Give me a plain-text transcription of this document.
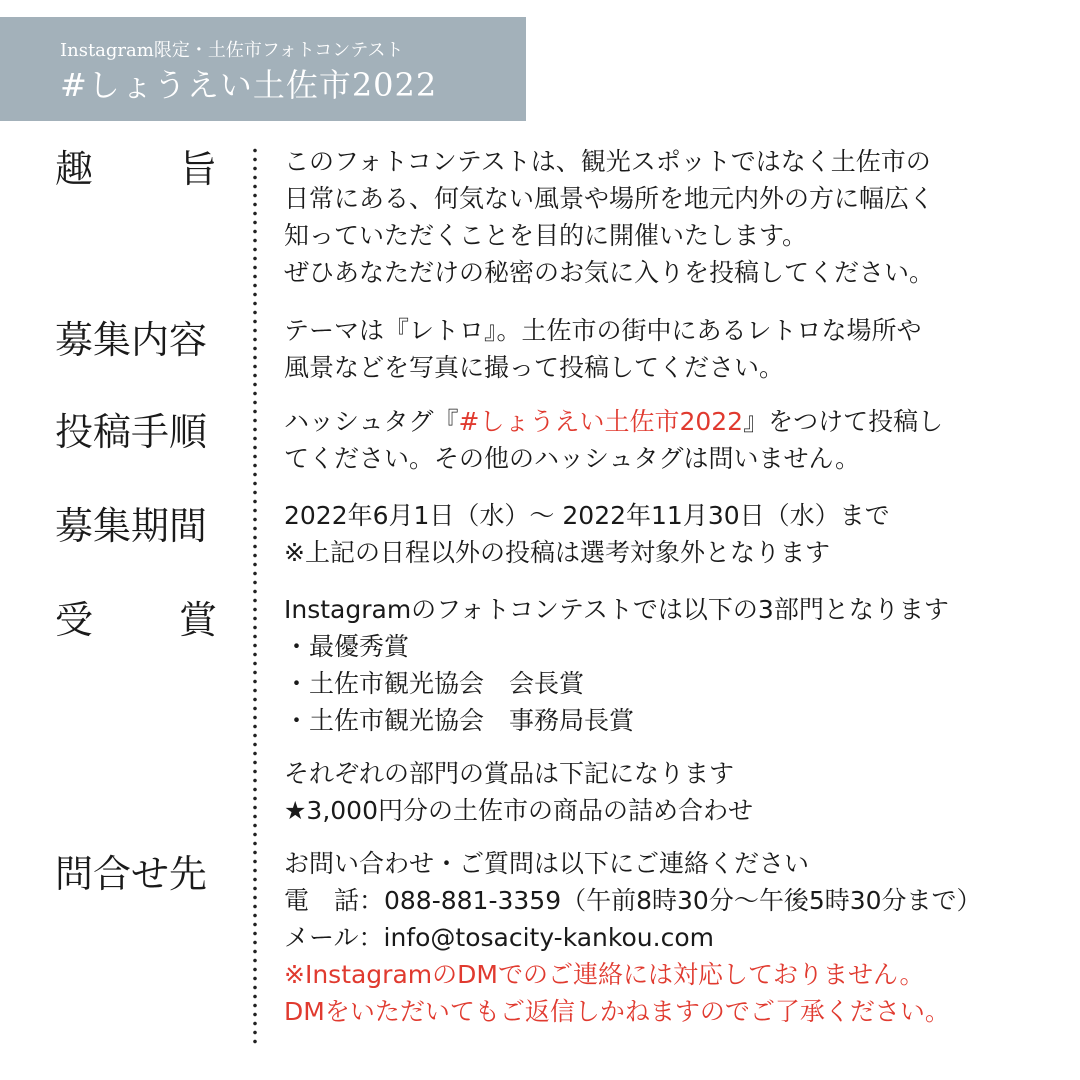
Instagram限定・土佐市フォトコンテスト
#しょうえい土佐市2022
趣 旨	このフォトコンテストは、観光スポットではなく土佐市の
日常にある、何気ない風景や場所を地元内外の方に幅広く
知っていただくことを目的に開催いたします。
ぜひあなただけの秘密のお気に入りを投稿してください。
募集内容	テーマは『レトロ』。土佐市の街中にあるレトロな場所や
風景などを写真に撮って投稿してください。
投稿手順	ハッシュタグ『#しょうえい土佐市2022』をつけて投稿し
てください。その他のハッシュタグは問いません。
募集期間	2022年6月1日（水）～ 2022年11月30日（水）まで
※上記の日程以外の投稿は選考対象外となります
受 賞	Instagramのフォトコンテストでは以下の3部門となります
・最優秀賞
・土佐市観光協会　会長賞
・土佐市観光協会　事務局長賞
それぞれの部門の賞品は下記になります
★3,000円分の土佐市の商品の詰め合わせ
問合せ先	お問い合わせ・ご質問は以下にご連絡ください
電　話：088-881-3359（午前8時30分～午後5時30分まで）
メール：info@tosacity-kankou.com
※InstagramのDMでのご連絡には対応しておりません。
DMをいただいてもご返信しかねますのでご了承ください。
